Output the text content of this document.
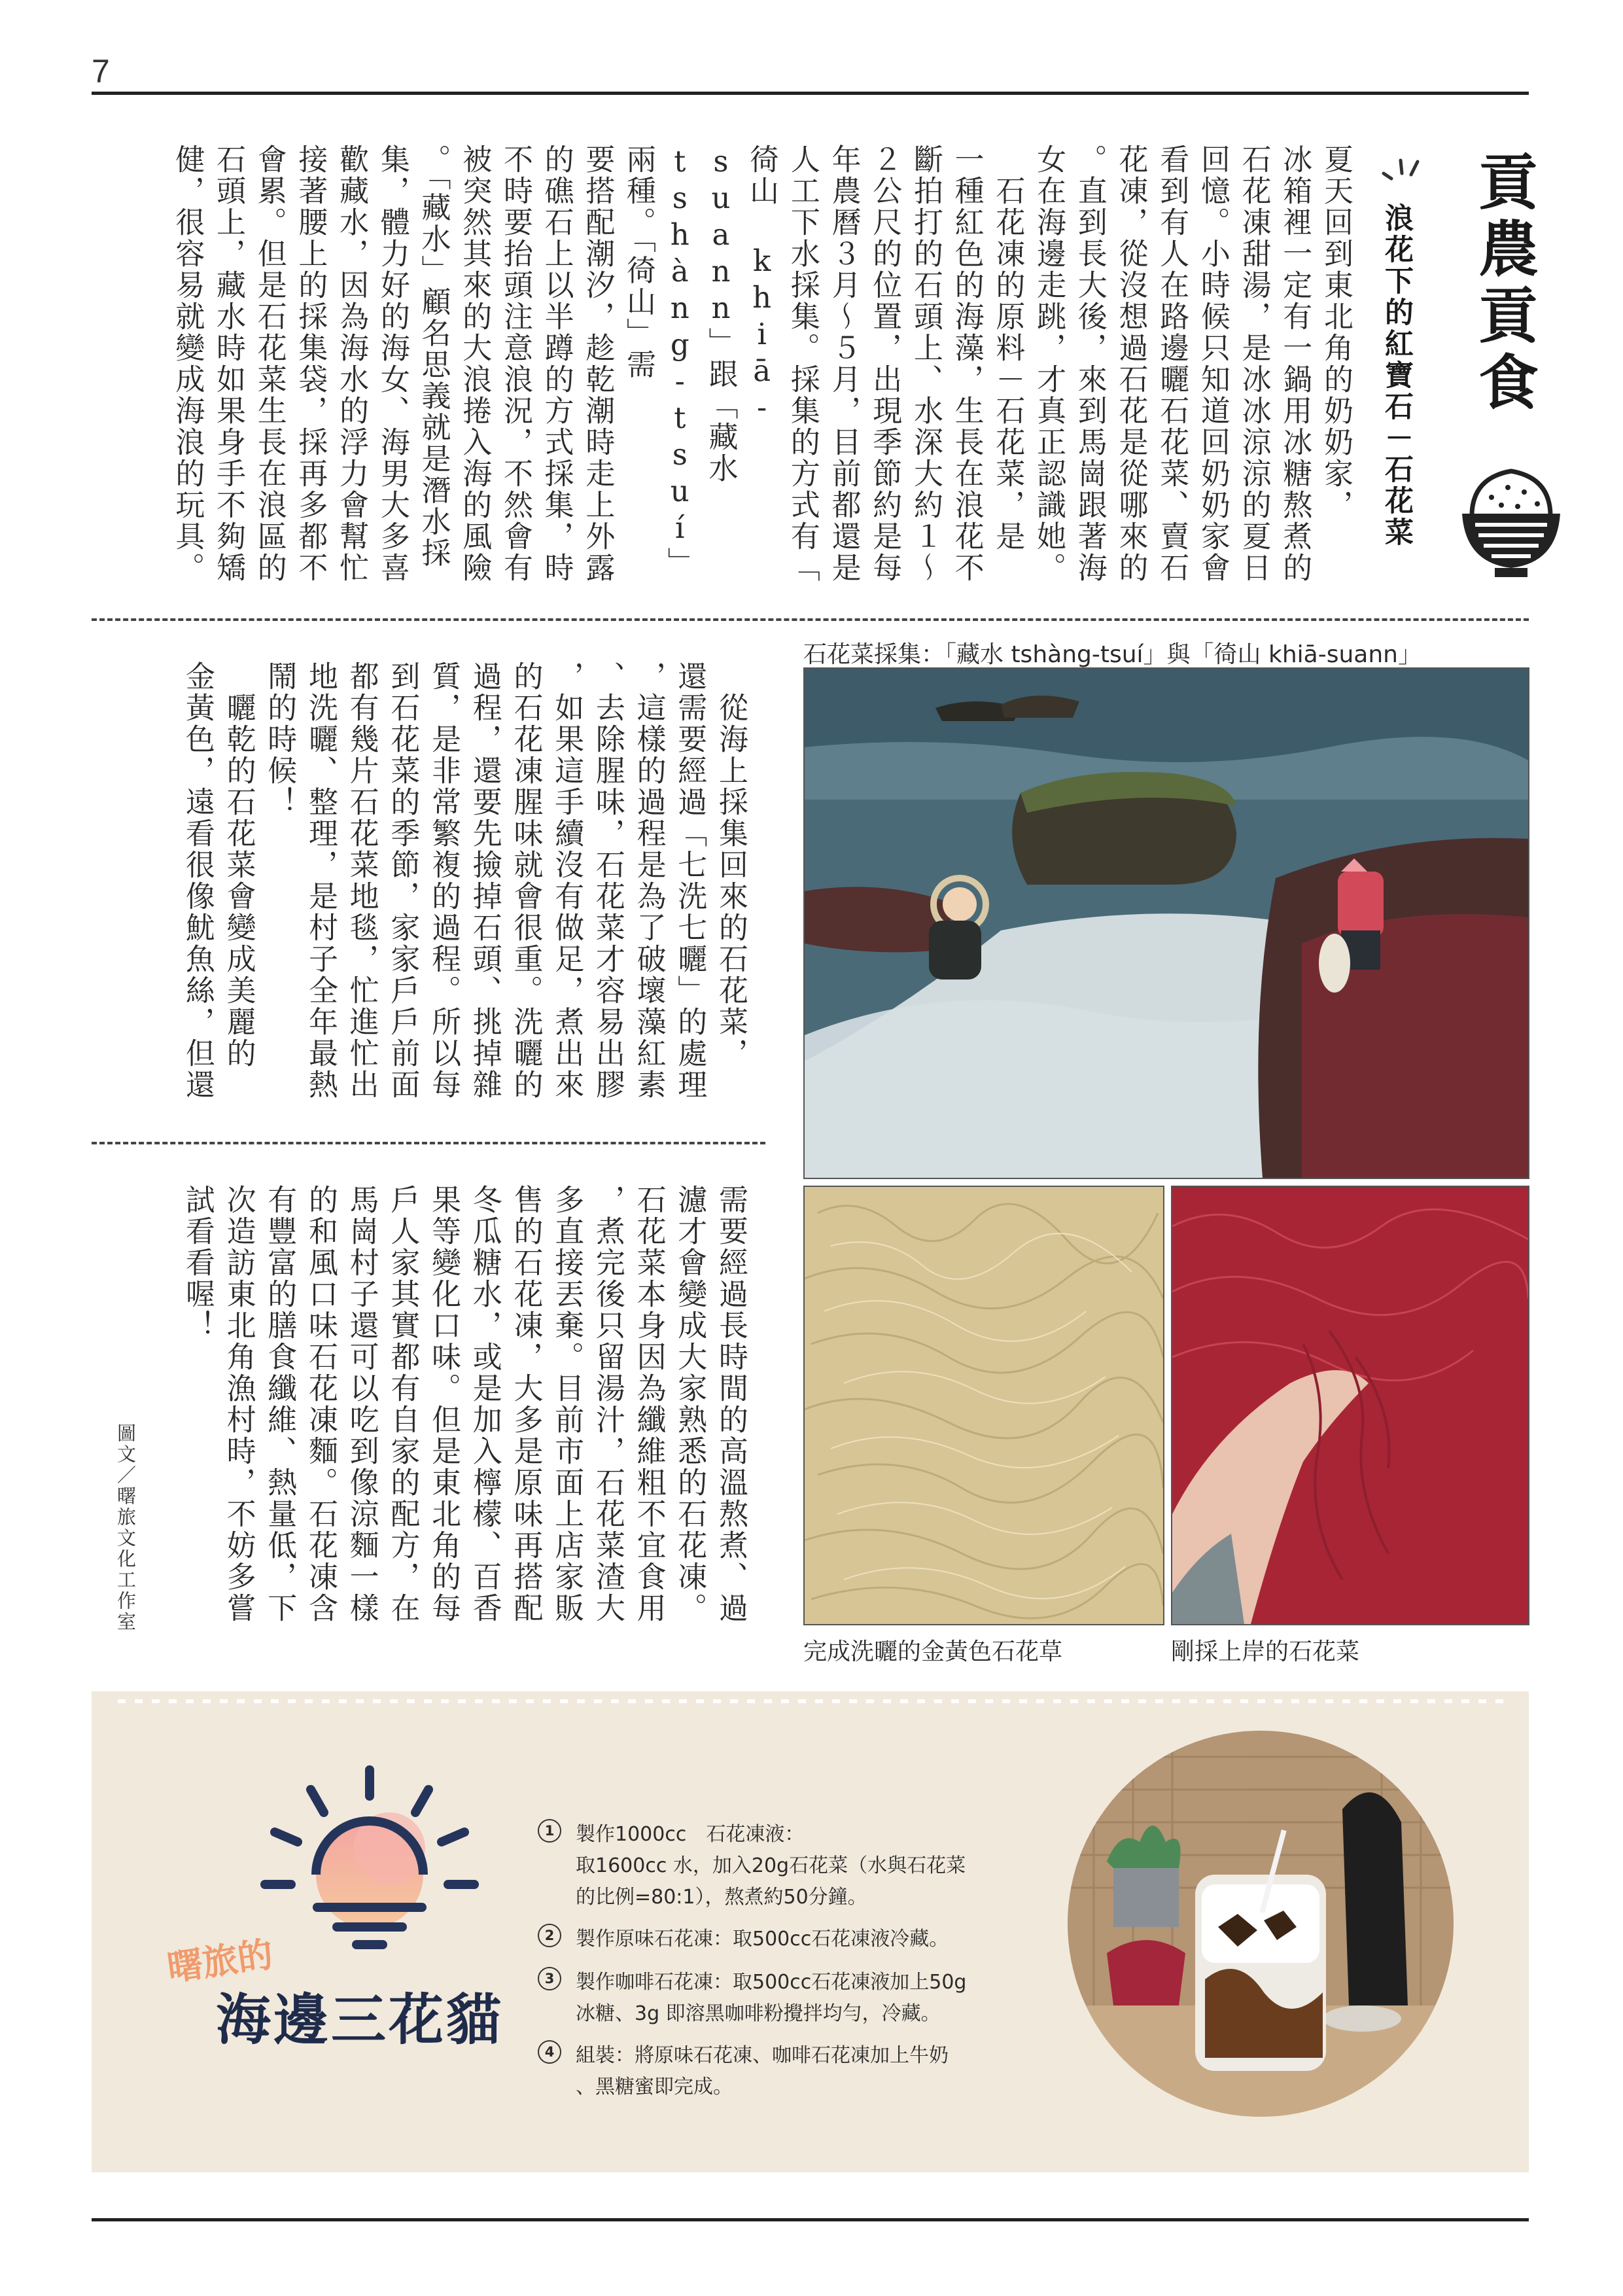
7
貢農貢食
浪花下的紅寶石－石花菜
夏天回到東北角的奶奶家，
冰箱裡一定有一鍋用冰糖熬煮的
石花凍甜湯，是冰冰涼涼的夏日
回憶。小時候只知道回奶奶家會
看到有人在路邊曬石花菜、賣石
花凍，從沒想過石花是從哪來的
。直到長大後，來到馬崗跟著海
女在海邊走跳，才真正認識她。
　石花凍的原料－石花菜，是
一種紅色的海藻，生長在浪花不
斷拍打的石頭上、水深大約１～
２公尺的位置，出現季節約是每
年農曆３月～５月，目前都還是
人工下水採集。採集的方式有「
徛山 khiā-suann」跟「藏水
tshàng-tsuí」兩種。「徛山」需
要搭配潮汐，趁乾潮時走上外露
的礁石上以半蹲的方式採集，時
不時要抬頭注意浪況，不然會有
被突然其來的大浪捲入海的風險
。「藏水」顧名思義就是潛水採
集，體力好的海女、海男大多喜
歡藏水，因為海水的浮力會幫忙
接著腰上的採集袋，採再多都不
會累。但是石花菜生長在浪區的
石頭上，藏水時如果身手不夠矯
健，很容易就變成海浪的玩具。
　從海上採集回來的石花菜，
還需要經過「七洗七曬」的處理
，這樣的過程是為了破壞藻紅素
、去除腥味，石花菜才容易出膠
，如果這手續沒有做足，煮出來
的石花凍腥味就會很重。洗曬的
過程，還要先撿掉石頭、挑掉雜
質，是非常繁複的過程。所以每
到石花菜的季節，家家戶戶前面
都有幾片石花菜地毯，忙進忙出
地洗曬、整理，是村子全年最熱
鬧的時候！
　曬乾的石花菜會變成美麗的
金黃色，遠看很像魷魚絲，但還
需要經過長時間的高溫熬煮、過
濾才會變成大家熟悉的石花凍。
石花菜本身因為纖維粗不宜食用
，煮完後只留湯汁，石花菜渣大
多直接丟棄。目前市面上店家販
售的石花凍，大多是原味再搭配
冬瓜糖水，或是加入檸檬、百香
果等變化口味。但是東北角的每
戶人家其實都有自家的配方，在
馬崗村子還可以吃到像涼麵一樣
的和風口味石花凍麵。石花凍含
有豐富的膳食纖維、熱量低，下
次造訪東北角漁村時，不妨多嘗
試看看喔！
圖文／曙旅文化工作室
石花菜採集：「藏水 tshàng-tsuí」與「徛山 khiā-suann」
完成洗曬的金黃色石花草	剛採上岸的石花菜
曙旅的
海邊三花貓
1	製作1000cc　石花凍液：
取1600cc 水，加入20g石花菜（水與石花菜
的比例=80:1），熬煮約50分鐘。
2	製作原味石花凍：取500cc石花凍液冷藏。
3	製作咖啡石花凍：取500cc石花凍液加上50g
冰糖、3g 即溶黑咖啡粉攪拌均勻，冷藏。
4	組裝：將原味石花凍、咖啡石花凍加上牛奶
、黑糖蜜即完成。
